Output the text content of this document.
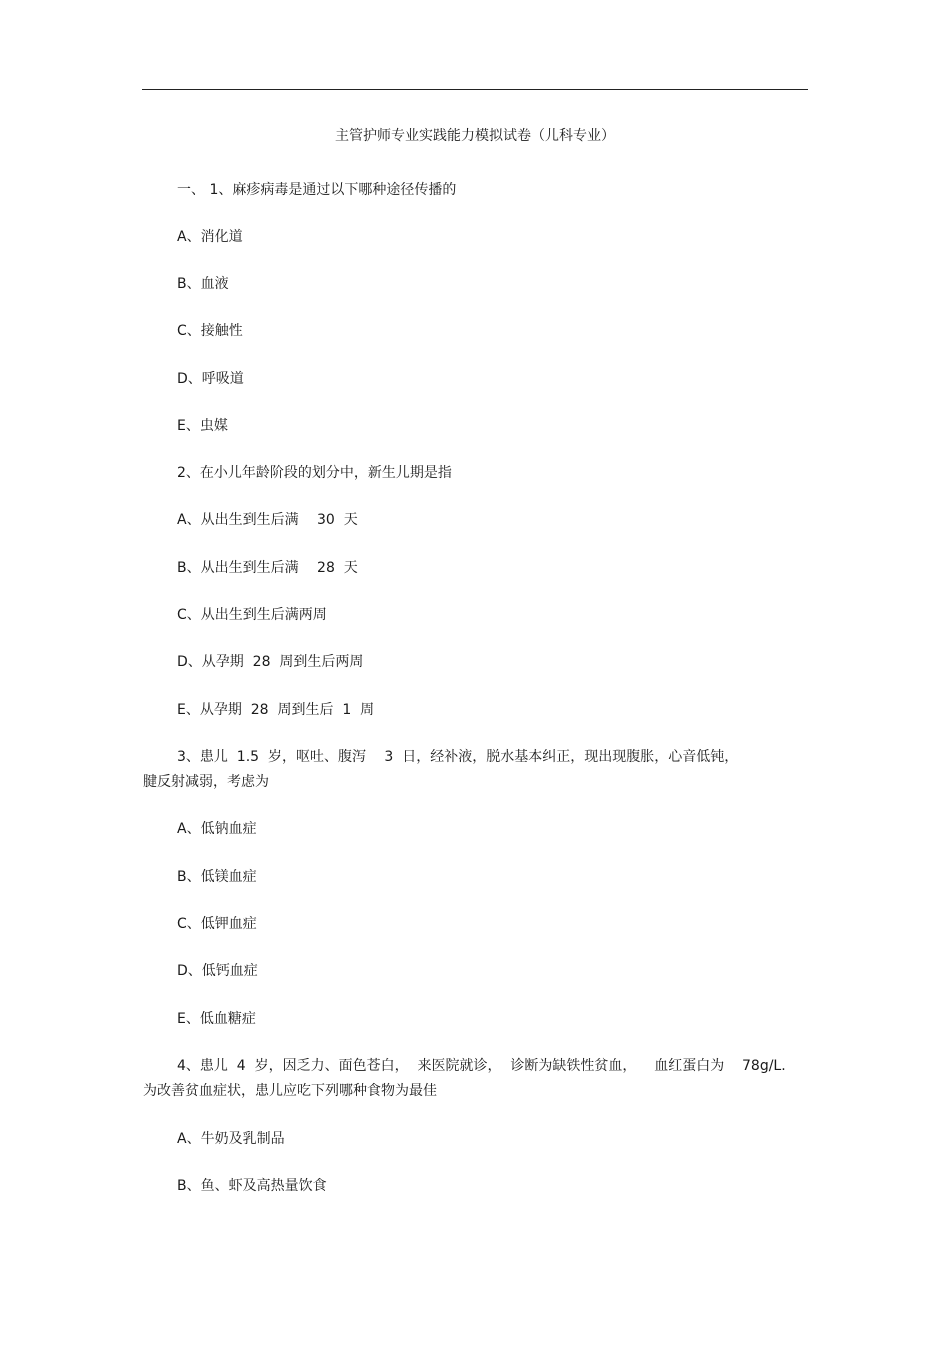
主管护师专业实践能力模拟试卷（儿科专业）
一、 1、麻疹病毒是通过以下哪种途径传播的
A、消化道
B、血液
C、接触性
D、呼吸道
E、虫媒
2、在小儿年龄阶段的划分中，新生儿期是指
A、从出生到生后满　 30  天
B、从出生到生后满　 28  天
C、从出生到生后满两周
D、从孕期  28  周到生后两周
E、从孕期  28  周到生后  1  周
3、患儿  1.5  岁，呕吐、腹泻　 3  日，经补液，脱水基本纠正，现出现腹胀，心音低钝，
腱反射减弱，考虑为
A、低钠血症
B、低镁血症
C、低钾血症
D、低钙血症
E、低血糖症
4、患儿  4  岁，因乏力、面色苍白，  来医院就诊，  诊断为缺铁性贫血，    血红蛋白为    78g/L.
为改善贫血症状，患儿应吃下列哪种食物为最佳
A、牛奶及乳制品
B、鱼、虾及高热量饮食
